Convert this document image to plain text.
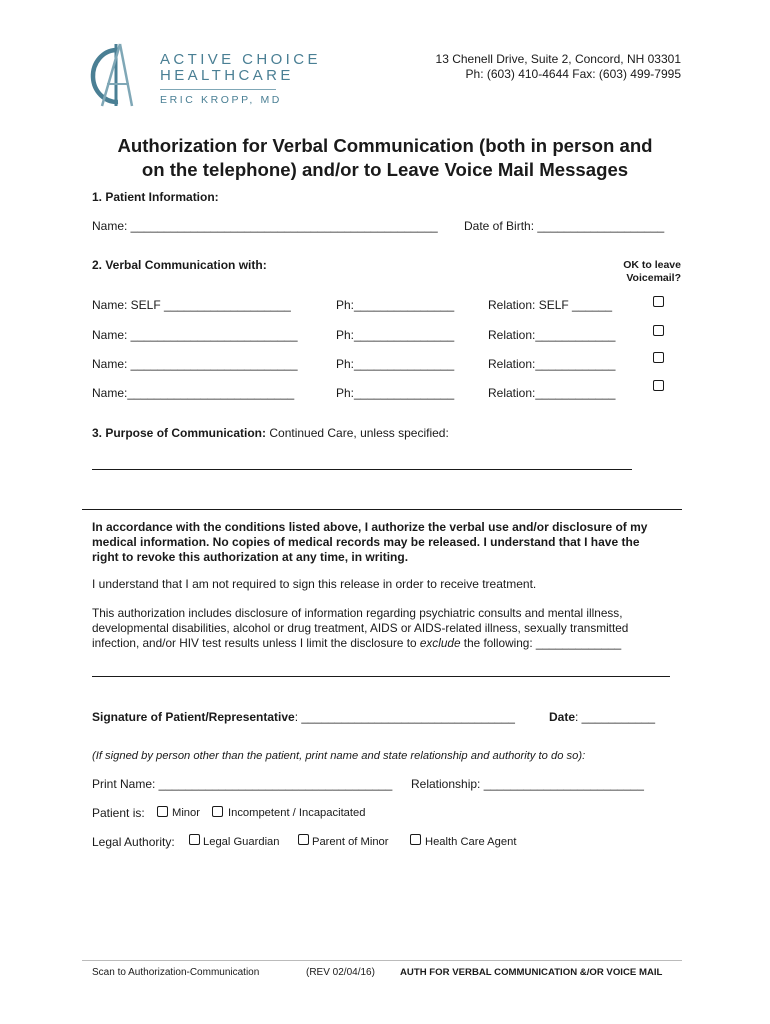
ACTIVE CHOICE
HEALTHCARE
ERIC KROPP, MD
13 Chenell Drive, Suite 2, Concord, NH 03301
Ph: (603) 410-4644 Fax: (603) 499-7995
Authorization for Verbal Communication (both in person and
on the telephone) and/or to Leave Voice Mail Messages
1. Patient Information:
Name: ______________________________________________ Date of Birth: ___________________
2. Verbal Communication with:	OK to leave
Voicemail?
Name: SELF ___________________	Ph:_______________	Relation: SELF ______
Name: _________________________	Ph:_______________	Relation:____________
Name: _________________________	Ph:_______________	Relation:____________
Name:_________________________	Ph:_______________	Relation:____________
3. Purpose of Communication: Continued Care, unless specified:
In accordance with the conditions listed above, I authorize the verbal use and/or disclosure of my
medical information. No copies of medical records may be released. I understand that I have the
right to revoke this authorization at any time, in writing.
I understand that I am not required to sign this release in order to receive treatment.
This authorization includes disclosure of information regarding psychiatric consults and mental illness,
developmental disabilities, alcohol or drug treatment, AIDS or AIDS-related illness, sexually transmitted
infection, and/or HIV test results unless I limit the disclosure to exclude the following: _____________
Signature of Patient/Representative: ________________________________	Date: ___________
(If signed by person other than the patient, print name and state relationship and authority to do so):
Print Name: ___________________________________ Relationship: ________________________
Patient is: Minor	Incompetent / Incapacitated
Legal Authority:	Legal Guardian	Parent of Minor	Health Care Agent
Scan to Authorization-Communication	(REV 02/04/16)	AUTH FOR VERBAL COMMUNICATION &/OR VOICE MAIL
